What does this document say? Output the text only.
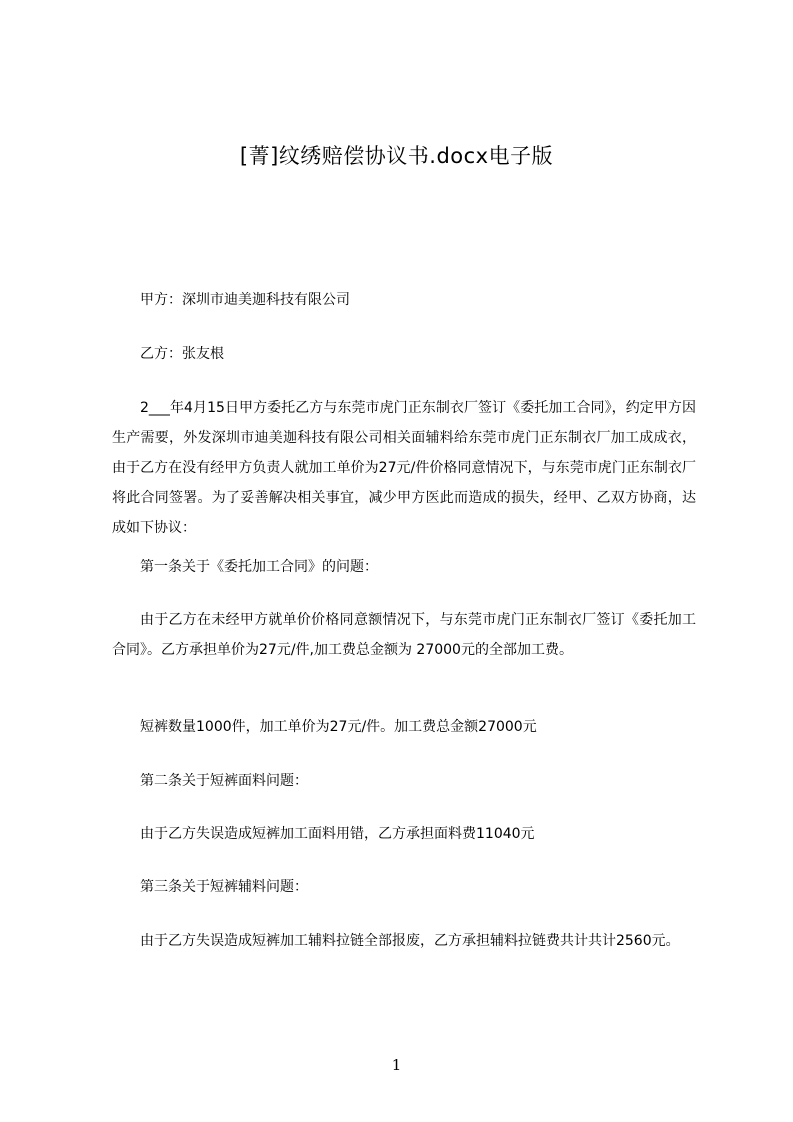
[菁]纹绣赔偿协议书.docx电子版

甲方：深圳市迪美迦科技有限公司

乙方：张友根

2___年4月15日甲方委托乙方与东莞市虎门正东制衣厂签订《委托加工合同》，约定甲方因生产需要，外发深圳市迪美迦科技有限公司相关面辅料给东莞市虎门正东制衣厂加工成成衣，由于乙方在没有经甲方负责人就加工单价为27元/件价格同意情况下，与东莞市虎门正东制衣厂将此合同签署。为了妥善解决相关事宜，减少甲方医此而造成的损失，经甲、乙双方协商，达成如下协议：

第一条关于《委托加工合同》的问题：

由于乙方在未经甲方就单价价格同意额情况下，与东莞市虎门正东制衣厂签订《委托加工合同》。乙方承担单价为27元/件,加工费总金额为 27000元的全部加工费。

短裤数量1000件，加工单价为27元/件。加工费总金额27000元

第二条关于短裤面料问题：

由于乙方失误造成短裤加工面料用错，乙方承担面料费11040元

第三条关于短裤辅料问题：

由于乙方失误造成短裤加工辅料拉链全部报废，乙方承担辅料拉链费共计共计2560元。

1
